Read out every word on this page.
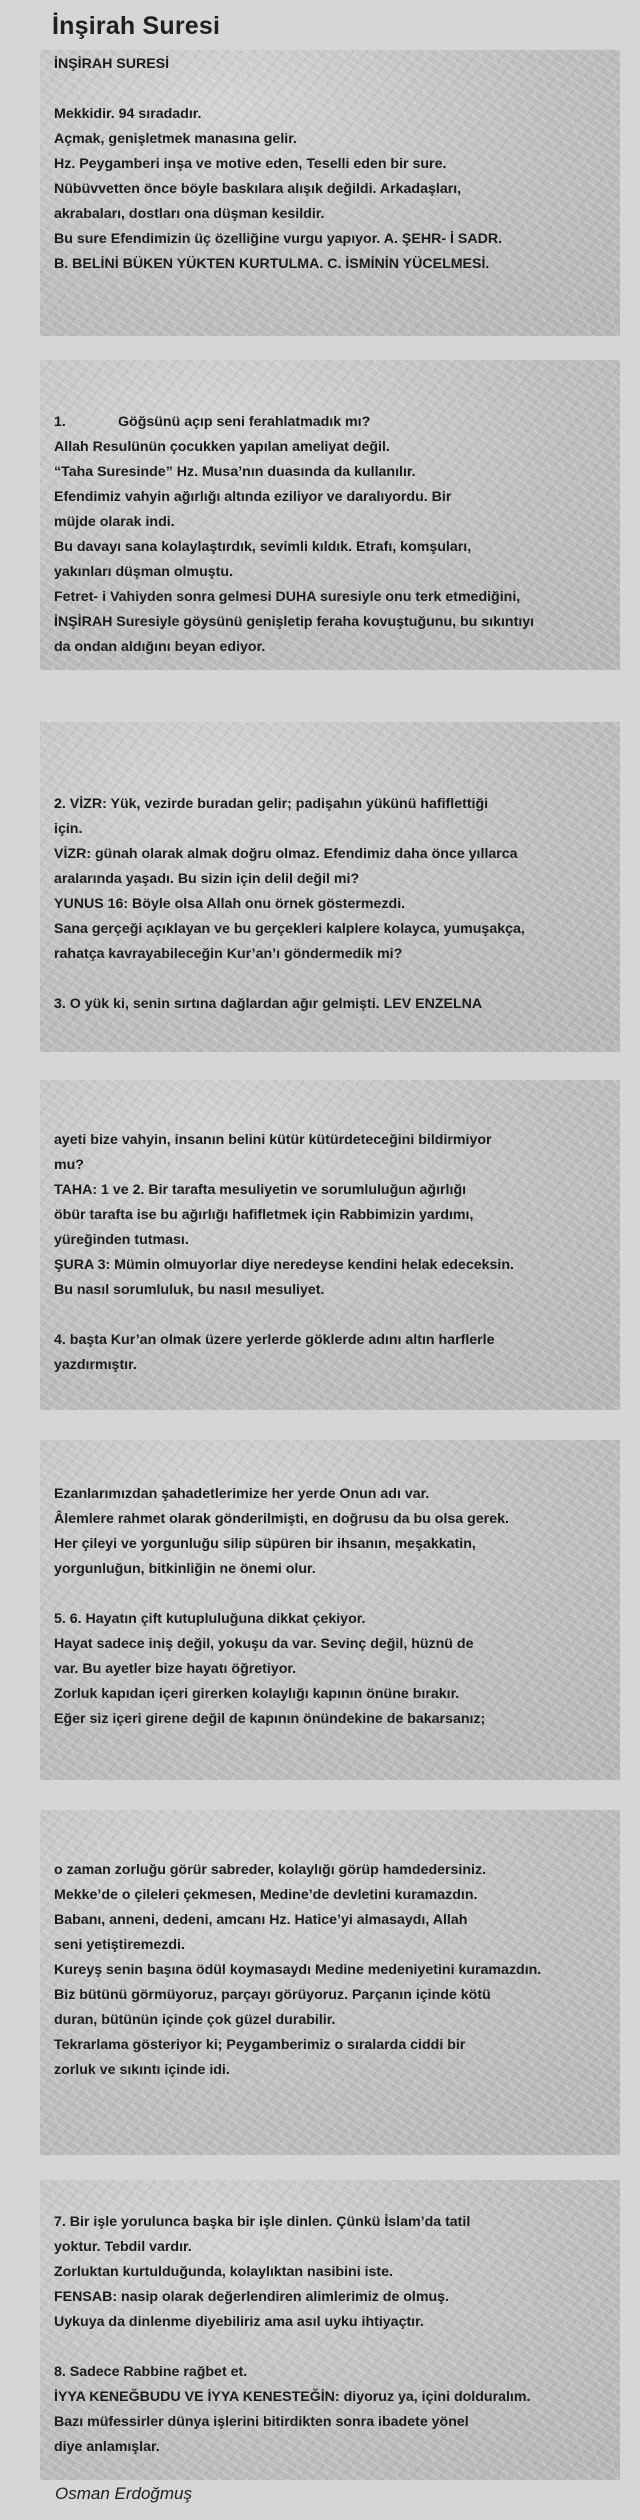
İnşirah Suresi

İNŞİRAH SURESİ

Mekkidir. 94 sıradadır.

Açmak, genişletmek manasına gelir.

Hz. Peygamberi inşa ve motive eden, Teselli eden bir sure.

Nübüvvetten önce böyle baskılara alışık değildi. Arkadaşları,

akrabaları, dostları ona düşman kesildir.

Bu sure Efendimizin üç özelliğine vurgu yapıyor. A. ŞEHR- İ SADR.

B. BELİNİ BÜKEN YÜKTEN KURTULMA. C. İSMİNİN YÜCELMESİ.

1.	Göğsünü açıp seni ferahlatmadık mı?

Allah Resulünün çocukken yapılan ameliyat değil.

“Taha Suresinde” Hz. Musa’nın duasında da kullanılır.

Efendimiz vahyin ağırlığı altında eziliyor ve daralıyordu. Bir

müjde olarak indi.

Bu davayı sana kolaylaştırdık, sevimli kıldık. Etrafı, komşuları,

yakınları düşman olmuştu.

Fetret- i Vahiyden sonra gelmesi DUHA suresiyle onu terk etmediğini,

İNŞİRAH Suresiyle göysünü genişletip feraha kovuştuğunu, bu sıkıntıyı

da ondan aldığını beyan ediyor.

2. VİZR: Yük, vezirde buradan gelir; padişahın yükünü hafiflettiği

için.

VİZR: günah olarak almak doğru olmaz. Efendimiz daha önce yıllarca

aralarında yaşadı. Bu sizin için delil değil mi?

YUNUS 16: Böyle olsa Allah onu örnek göstermezdi.

Sana gerçeği açıklayan ve bu gerçekleri kalplere kolayca, yumuşakça,

rahatça kavrayabileceğin Kur’an’ı göndermedik mi?

3. O yük ki, senin sırtına dağlardan ağır gelmişti. LEV ENZELNA

ayeti bize vahyin, insanın belini kütür kütürdeteceğini bildirmiyor

mu?

TAHA: 1 ve 2. Bir tarafta mesuliyetin ve sorumluluğun ağırlığı

öbür tarafta ise bu ağırlığı hafifletmek için Rabbimizin yardımı,

yüreğinden tutması.

ŞURA 3: Mümin olmuyorlar diye neredeyse kendini helak edeceksin.

Bu nasıl sorumluluk, bu nasıl mesuliyet.

4. başta Kur’an olmak üzere yerlerde göklerde adını altın harflerle

yazdırmıştır.

Ezanlarımızdan şahadetlerimize her yerde Onun adı var.

Âlemlere rahmet olarak gönderilmişti, en doğrusu da bu olsa gerek.

Her çileyi ve yorgunluğu silip süpüren bir ihsanın, meşakkatin,

yorgunluğun, bitkinliğin ne önemi olur.

5. 6. Hayatın çift kutupluluğuna dikkat çekiyor.

Hayat sadece iniş değil, yokuşu da var. Sevinç değil, hüznü de

var. Bu ayetler bize hayatı öğretiyor.

Zorluk kapıdan içeri girerken kolaylığı kapının önüne bırakır.

Eğer siz içeri girene değil de kapının önündekine de bakarsanız;

o zaman zorluğu görür sabreder, kolaylığı görüp hamdedersiniz.

Mekke’de o çileleri çekmesen, Medine’de devletini kuramazdın.

Babanı, anneni, dedeni, amcanı Hz. Hatice’yi almasaydı, Allah

seni yetiştiremezdi.

Kureyş senin başına ödül koymasaydı Medine medeniyetini kuramazdın.

Biz bütünü görmüyoruz, parçayı görüyoruz. Parçanın içinde kötü

duran, bütünün içinde çok güzel durabilir.

Tekrarlama gösteriyor ki; Peygamberimiz o sıralarda ciddi bir

zorluk ve sıkıntı içinde idi.

7. Bir işle yorulunca başka bir işle dinlen. Çünkü İslam’da tatil

yoktur. Tebdil vardır.

Zorluktan kurtulduğunda, kolaylıktan nasibini iste.

FENSAB: nasip olarak değerlendiren alimlerimiz de olmuş.

Uykuya da dinlenme diyebiliriz ama asıl uyku ihtiyaçtır.

8. Sadece Rabbine rağbet et.

İYYA KENEĞBUDU VE İYYA KENESTEĞİN: diyoruz ya, içini dolduralım.

Bazı müfessirler dünya işlerini bitirdikten sonra ibadete yönel

diye anlamışlar.

Osman Erdoğmuş
